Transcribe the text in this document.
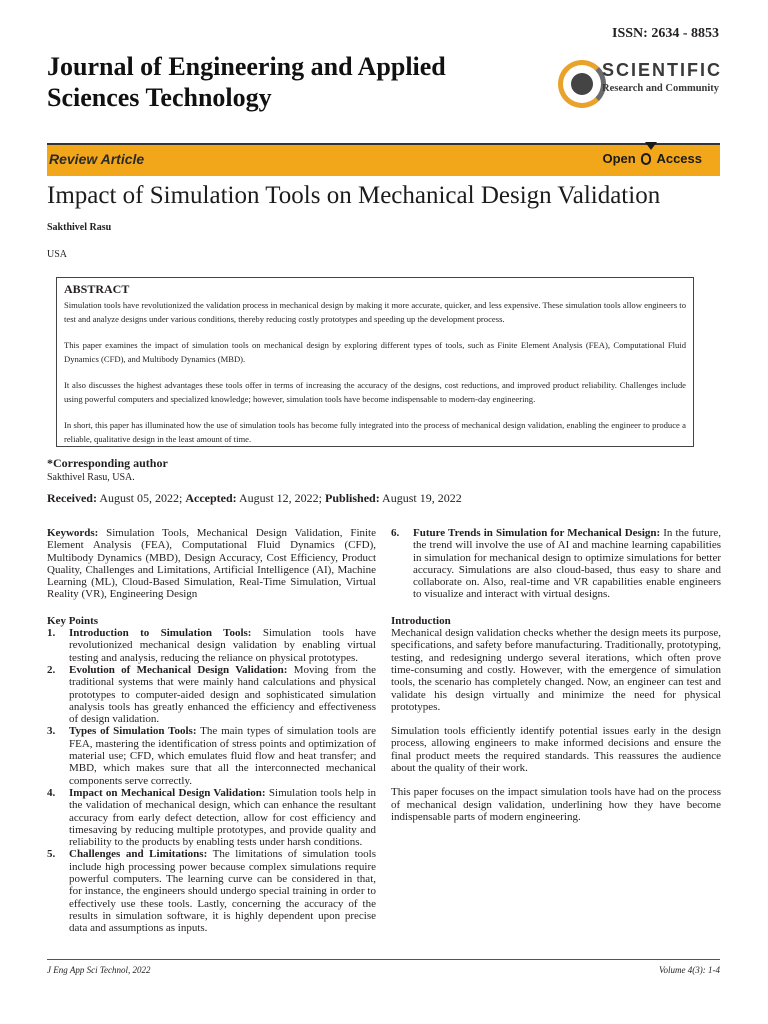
ISSN: 2634 - 8853
Journal of Engineering and Applied Sciences Technology
SCIENTIFIC
Research and Community
Review Article	Open Access
Impact of Simulation Tools on Mechanical Design Validation
Sakthivel Rasu
USA
ABSTRACT

Simulation tools have revolutionized the validation process in mechanical design by making it more accurate, quicker, and less expensive. These simulation tools allow engineers to test and analyze designs under various conditions, thereby reducing costly prototypes and speeding up the development process.

This paper examines the impact of simulation tools on mechanical design by exploring different types of tools, such as Finite Element Analysis (FEA), Computational Fluid Dynamics (CFD), and Multibody Dynamics (MBD).

It also discusses the highest advantages these tools offer in terms of increasing the accuracy of the designs, cost reductions, and improved product reliability. Challenges include using powerful computers and specialized knowledge; however, simulation tools have become indispensable to modern-day engineering.

In short, this paper has illuminated how the use of simulation tools has become fully integrated into the process of mechanical design validation, enabling the engineer to produce a reliable, qualitative design in the least amount of time.

*Corresponding author
Sakthivel Rasu, USA.
Received: August 05, 2022; Accepted: August 12, 2022; Published: August 19, 2022

Keywords: Simulation Tools, Mechanical Design Validation, Finite Element Analysis (FEA), Computational Fluid Dynamics (CFD), Multibody Dynamics (MBD), Design Accuracy, Cost Efficiency, Product Quality, Challenges and Limitations, Artificial Intelligence (AI), Machine Learning (ML), Cloud-Based Simulation, Real-Time Simulation, Virtual Reality (VR), Engineering Design

Key Points
1. Introduction to Simulation Tools: Simulation tools have revolutionized mechanical design validation by enabling virtual testing and analysis, reducing the reliance on physical prototypes.
2. Evolution of Mechanical Design Validation: Moving from the traditional systems that were mainly hand calculations and physical prototypes to computer-aided design and sophisticated simulation analysis tools has greatly enhanced the efficiency and effectiveness of design validation.
3. Types of Simulation Tools: The main types of simulation tools are FEA, mastering the identification of stress points and optimization of material use; CFD, which emulates fluid flow and heat transfer; and MBD, which makes sure that all the interconnected mechanical components serve correctly.
4. Impact on Mechanical Design Validation: Simulation tools help in the validation of mechanical design, which can enhance the resultant accuracy from early defect detection, allow for cost efficiency and timesaving by reducing multiple prototypes, and provide quality and reliability to the products by enabling tests under harsh conditions.
5. Challenges and Limitations: The limitations of simulation tools include high processing power because complex simulations require powerful computers. The learning curve can be considered in that, for instance, the engineers should undergo special training in order to effectively use these tools. Lastly, concerning the accuracy of the results in simulation software, it is highly dependent upon precise data and assumptions as inputs.
6. Future Trends in Simulation for Mechanical Design: In the future, the trend will involve the use of AI and machine learning capabilities in simulation for mechanical design to optimize simulations for better accuracy. Simulations are also cloud-based, thus easy to share and collaborate on. Also, real-time and VR capabilities enable engineers to visualize and interact with virtual designs.
Introduction

Mechanical design validation checks whether the design meets its purpose, specifications, and safety before manufacturing. Traditionally, prototyping, testing, and redesigning undergo several iterations, which often prove time-consuming and costly. However, with the emergence of simulation tools, the scenario has completely changed. Now, an engineer can test and validate his design virtually and minimize the need for physical prototypes.

Simulation tools efficiently identify potential issues early in the design process, allowing engineers to make informed decisions and ensure the final product meets the required standards. This reassures the audience about the quality of their work.

This paper focuses on the impact simulation tools have had on the process of mechanical design validation, underlining how they have become indispensable parts of modern engineering.

J Eng App Sci Technol, 2022	Volume 4(3): 1-4
